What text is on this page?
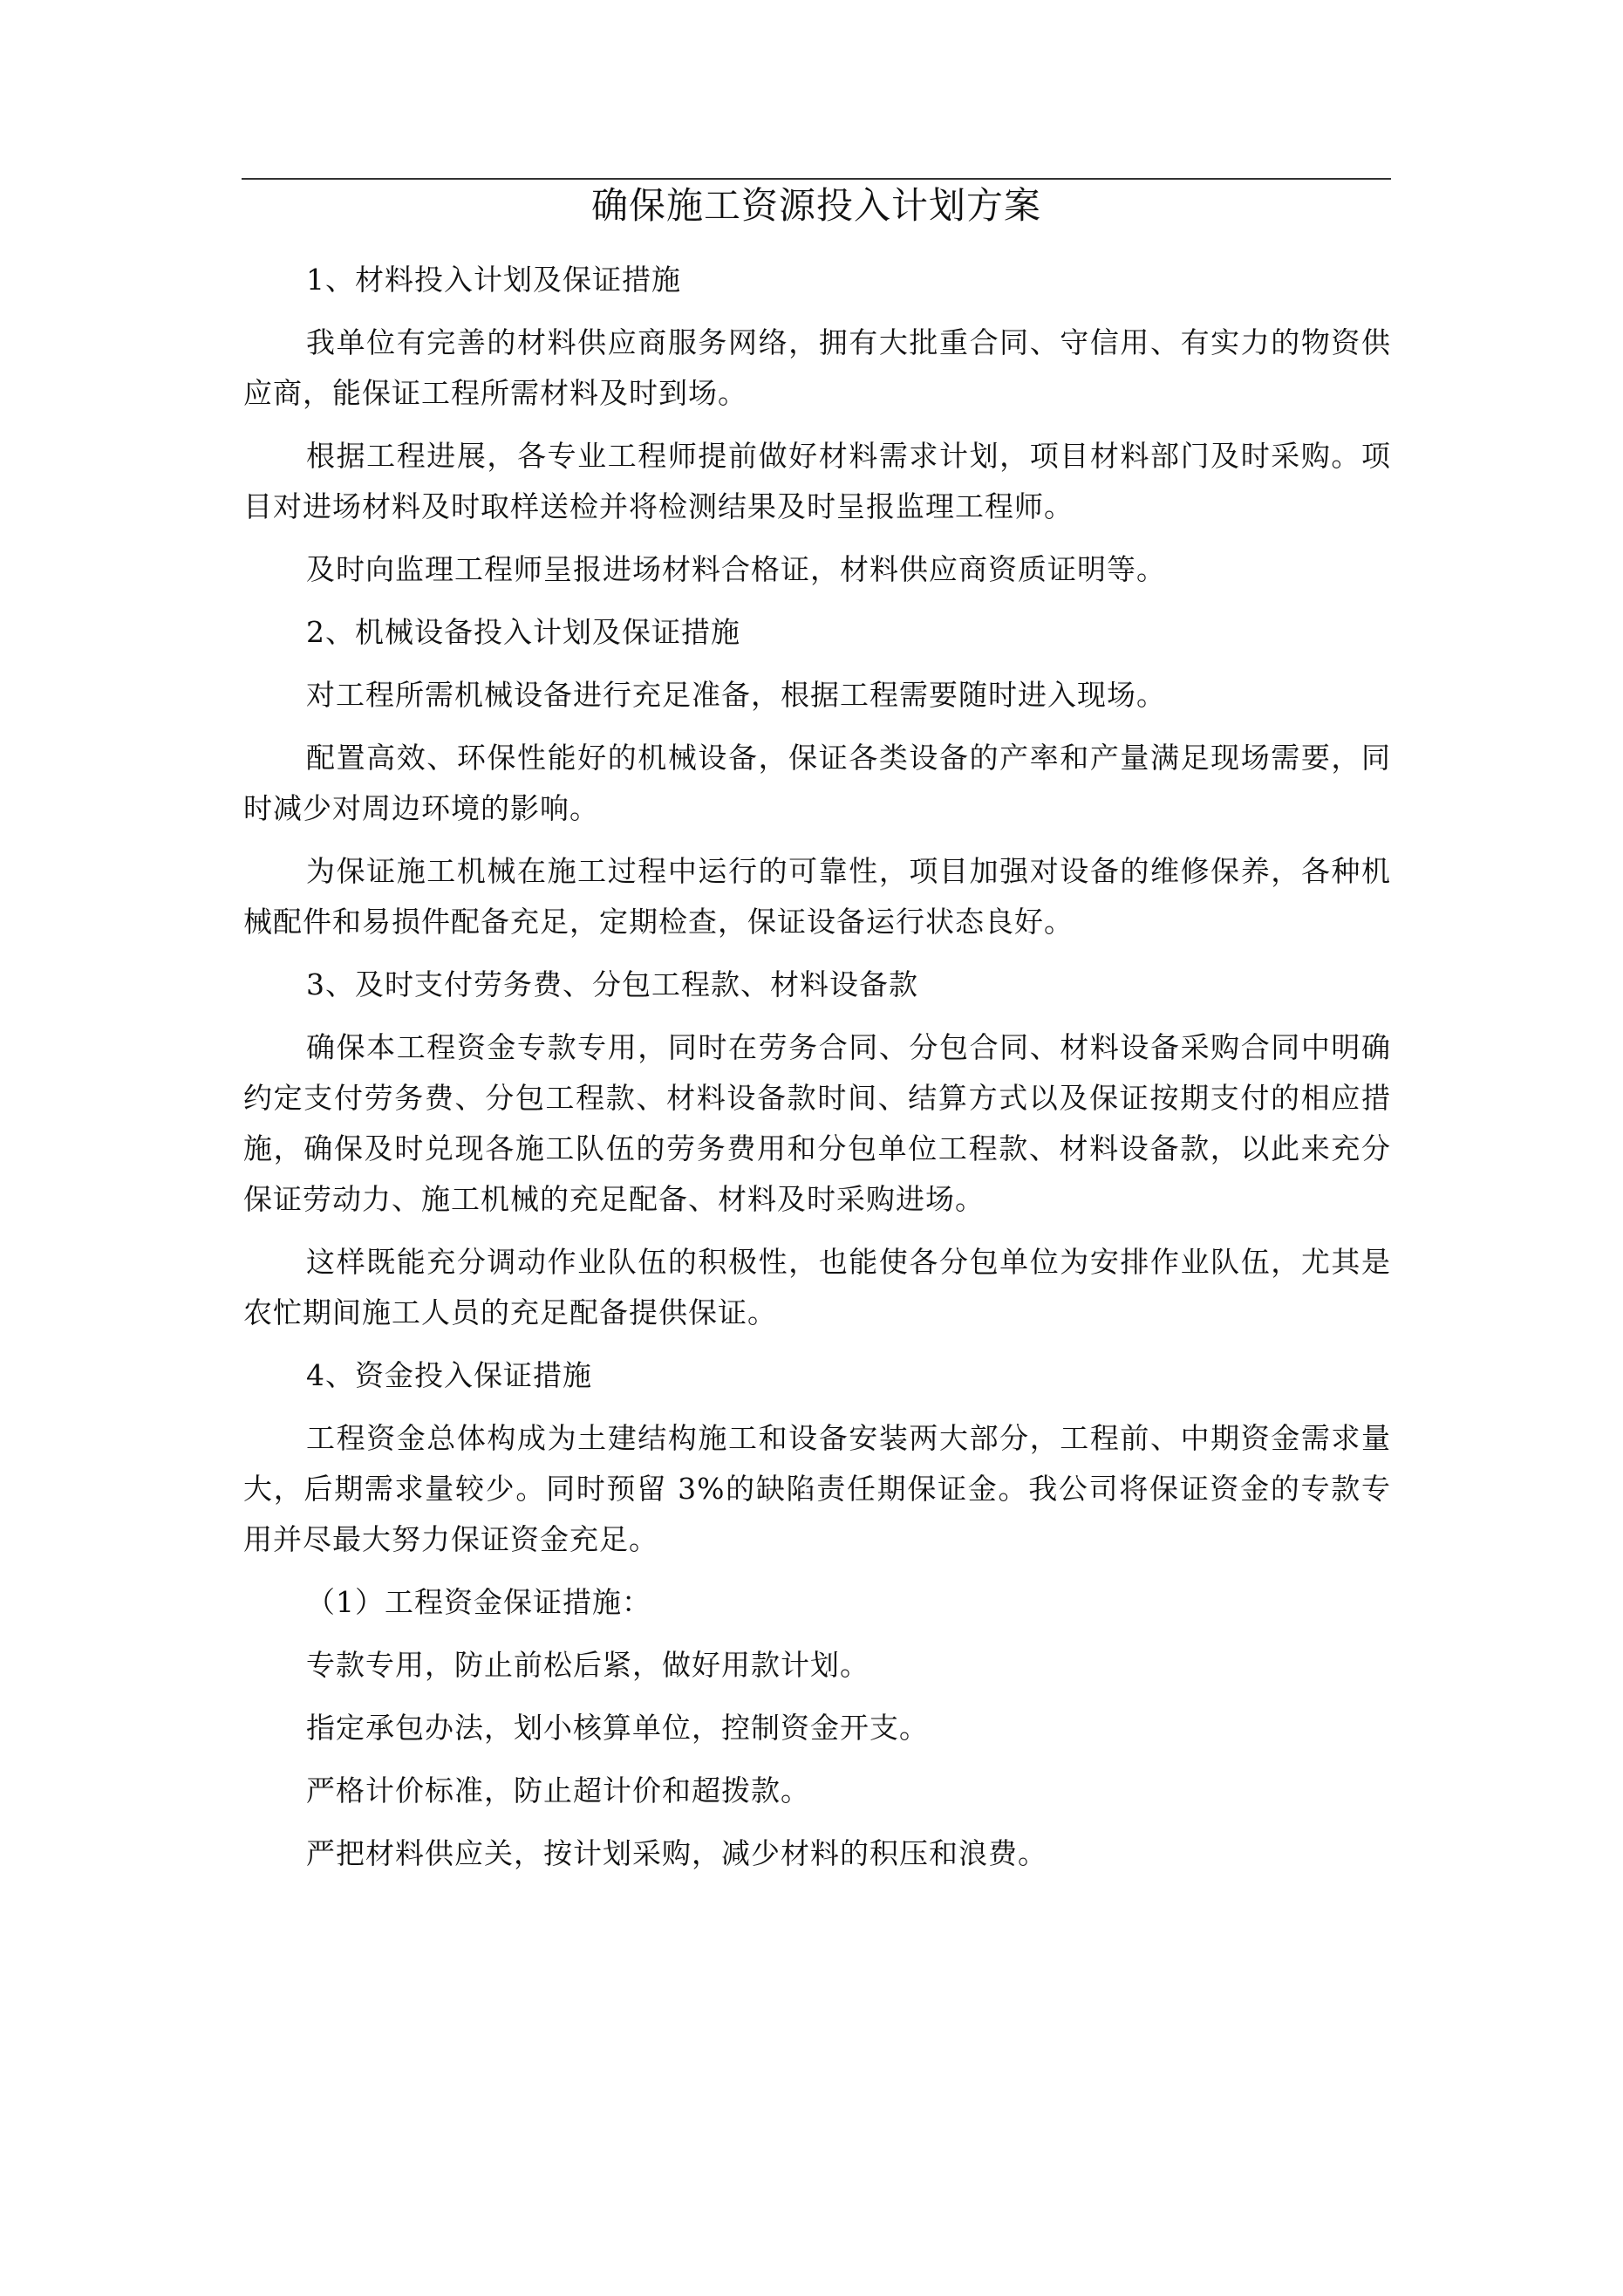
确保施工资源投入计划方案

1、材料投入计划及保证措施

我单位有完善的材料供应商服务网络，拥有大批重合同、守信用、有实力的物资供应商，能保证工程所需材料及时到场。

根据工程进展，各专业工程师提前做好材料需求计划，项目材料部门及时采购。项目对进场材料及时取样送检并将检测结果及时呈报监理工程师。

及时向监理工程师呈报进场材料合格证，材料供应商资质证明等。

2、机械设备投入计划及保证措施

对工程所需机械设备进行充足准备，根据工程需要随时进入现场。

配置高效、环保性能好的机械设备，保证各类设备的产率和产量满足现场需要，同时减少对周边环境的影响。

为保证施工机械在施工过程中运行的可靠性，项目加强对设备的维修保养，各种机械配件和易损件配备充足，定期检查，保证设备运行状态良好。

3、及时支付劳务费、分包工程款、材料设备款

确保本工程资金专款专用，同时在劳务合同、分包合同、材料设备采购合同中明确约定支付劳务费、分包工程款、材料设备款时间、结算方式以及保证按期支付的相应措施，确保及时兑现各施工队伍的劳务费用和分包单位工程款、材料设备款，以此来充分保证劳动力、施工机械的充足配备、材料及时采购进场。

这样既能充分调动作业队伍的积极性，也能使各分包单位为安排作业队伍，尤其是农忙期间施工人员的充足配备提供保证。

4、资金投入保证措施

工程资金总体构成为土建结构施工和设备安装两大部分，工程前、中期资金需求量大，后期需求量较少。同时预留 3%的缺陷责任期保证金。我公司将保证资金的专款专用并尽最大努力保证资金充足。

（1）工程资金保证措施：

专款专用，防止前松后紧，做好用款计划。

指定承包办法，划小核算单位，控制资金开支。

严格计价标准，防止超计价和超拨款。

严把材料供应关，按计划采购，减少材料的积压和浪费。
